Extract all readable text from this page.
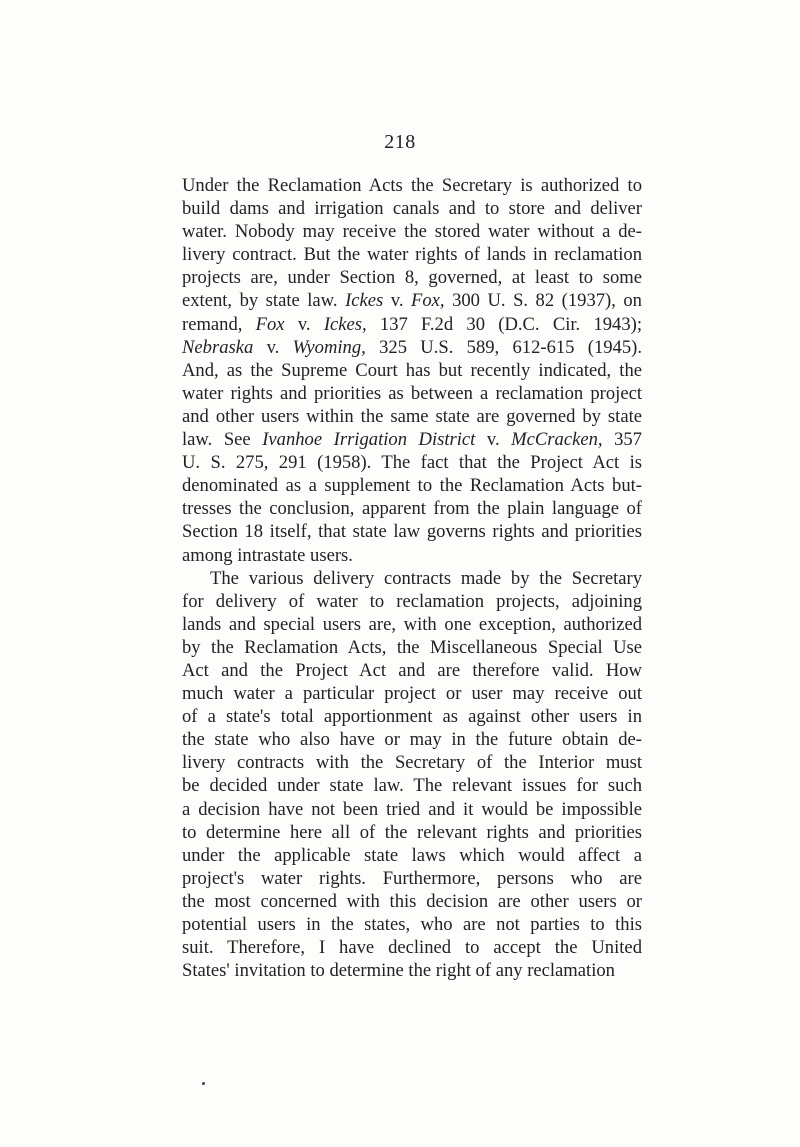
218
Under the Reclamation Acts the Secretary is authorized to
build dams and irrigation canals and to store and deliver
water. Nobody may receive the stored water without a de-
livery contract. But the water rights of lands in reclamation
projects are, under Section 8, governed, at least to some
extent, by state law. Ickes v. Fox, 300 U. S. 82 (1937), on
remand, Fox v. Ickes, 137 F.2d 30 (D.C. Cir. 1943);
Nebraska v. Wyoming, 325 U.S. 589, 612-615 (1945).
And, as the Supreme Court has but recently indicated, the
water rights and priorities as between a reclamation project
and other users within the same state are governed by state
law. See Ivanhoe Irrigation District v. McCracken, 357
U. S. 275, 291 (1958). The fact that the Project Act is
denominated as a supplement to the Reclamation Acts but-
tresses the conclusion, apparent from the plain language of
Section 18 itself, that state law governs rights and priorities
among intrastate users.
The various delivery contracts made by the Secretary
for delivery of water to reclamation projects, adjoining
lands and special users are, with one exception, authorized
by the Reclamation Acts, the Miscellaneous Special Use
Act and the Project Act and are therefore valid. How
much water a particular project or user may receive out
of a state's total apportionment as against other users in
the state who also have or may in the future obtain de-
livery contracts with the Secretary of the Interior must
be decided under state law. The relevant issues for such
a decision have not been tried and it would be impossible
to determine here all of the relevant rights and priorities
under the applicable state laws which would affect a
project's water rights. Furthermore, persons who are
the most concerned with this decision are other users or
potential users in the states, who are not parties to this
suit. Therefore, I have declined to accept the United
States' invitation to determine the right of any reclamation
